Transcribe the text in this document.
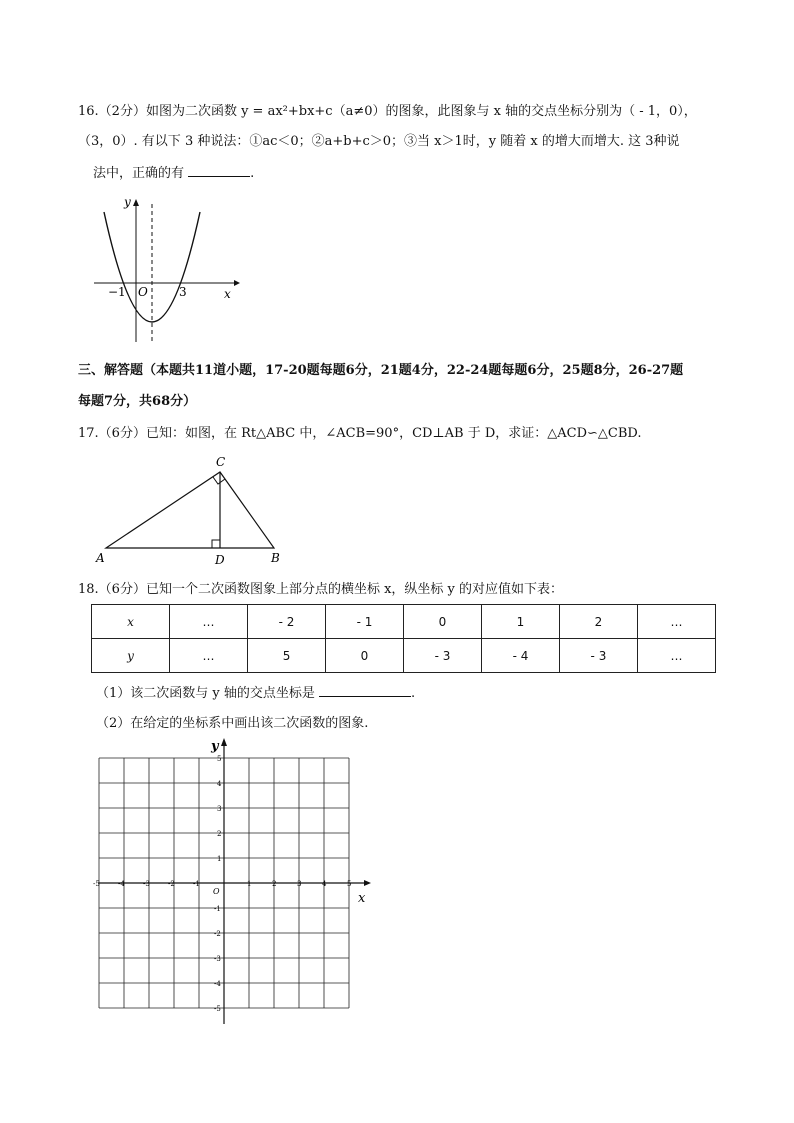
16.（2分）如图为二次函数 y = ax²+bx+c（a≠0）的图象，此图象与 x 轴的交点坐标分别为（ - 1，0），
（3，0）. 有以下 3 种说法：①ac＜0；②a+b+c＞0；③当 x＞1时，y 随着 x 的增大而增大. 这 3种说
法中，正确的有	.
y
x
O
−1	3
三、解答题（本题共11道小题，17-20题每题6分，21题4分，22-24题每题6分，25题8分，26-27题
每题7分，共68分）
17.（6分）已知：如图，在 Rt△ABC 中，∠ACB=90°，CD⊥AB 于 D，求证：△ACD∽△CBD.
C
A	D	B
18.（6分）已知一个二次函数图象上部分点的横坐标 x，纵坐标 y 的对应值如下表：
x	…	- 2	- 1	0	1	2	…
y	…	5	0	- 3	- 4	- 3	…
（1）该二次函数与 y 轴的交点坐标是	.
（2）在给定的坐标系中画出该二次函数的图象.
y
x
O
-5	-4	-3	-2	-1	1	2	3	4	5
5
4
3
2
1
-1
-2
-3
-4
-5
